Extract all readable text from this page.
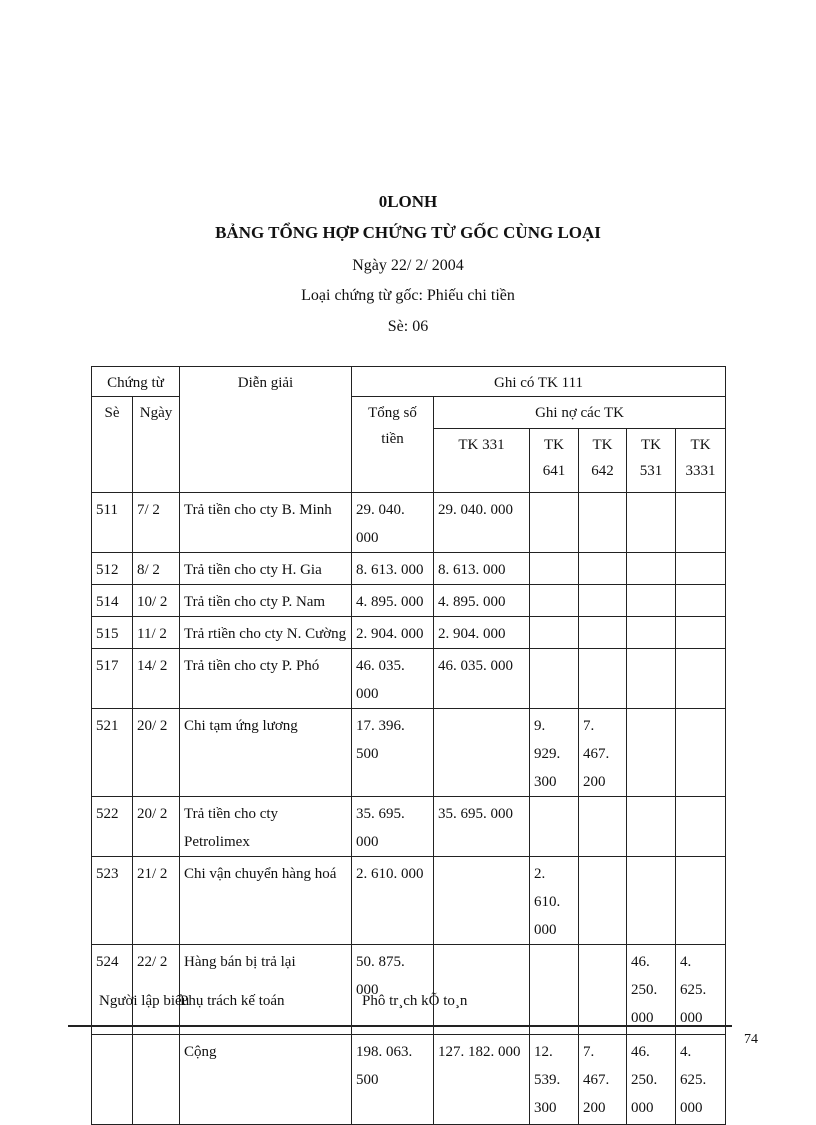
0LONH
BẢNG TỔNG HỢP CHỨNG TỪ GỐC CÙNG LOẠI
Ngày 22/ 2/ 2004
Loại chứng từ gốc: Phiếu chi tiền
Sè: 06
Chứng từ		Diễn giải	Ghi có TK 111					
Sè	Ngày		Tổng số tiền	Ghi nợ các TK				
				TK 331	TK 641	TK 642	TK 531	TK 3331
511	7/ 2	Trả tiền cho cty B. Minh	29. 040. 000	29. 040. 000				
512	8/ 2	Trả tiền cho cty H. Gia	8. 613. 000	8. 613. 000				
514	10/ 2	Trả tiền cho cty P. Nam	4. 895. 000	4. 895. 000				
515	11/ 2	Trả rtiền cho cty N. Cường	2. 904. 000	2. 904. 000				
517	14/ 2	Trả tiền cho cty P. Phó	46. 035. 000	46. 035. 000				
521	20/ 2	Chi tạm ứng lương	17. 396. 500		9. 929. 300	7. 467. 200		
522	20/ 2	Trả tiền cho cty Petrolimex	35. 695. 000	35. 695. 000				
523	21/ 2	Chi vận chuyển hàng hoá	2. 610. 000		2. 610. 000			
524	22/ 2	Hàng bán bị trả lại	50. 875. 000				46. 250. 000	4. 625. 000
		Cộng	198. 063. 500	127. 182. 000	12. 539. 300	7. 467. 200	46. 250. 000	4. 625. 000
Người lập biểu
Phụ trách kế toán	Phô tr¸ch kÕ to¸n
74
